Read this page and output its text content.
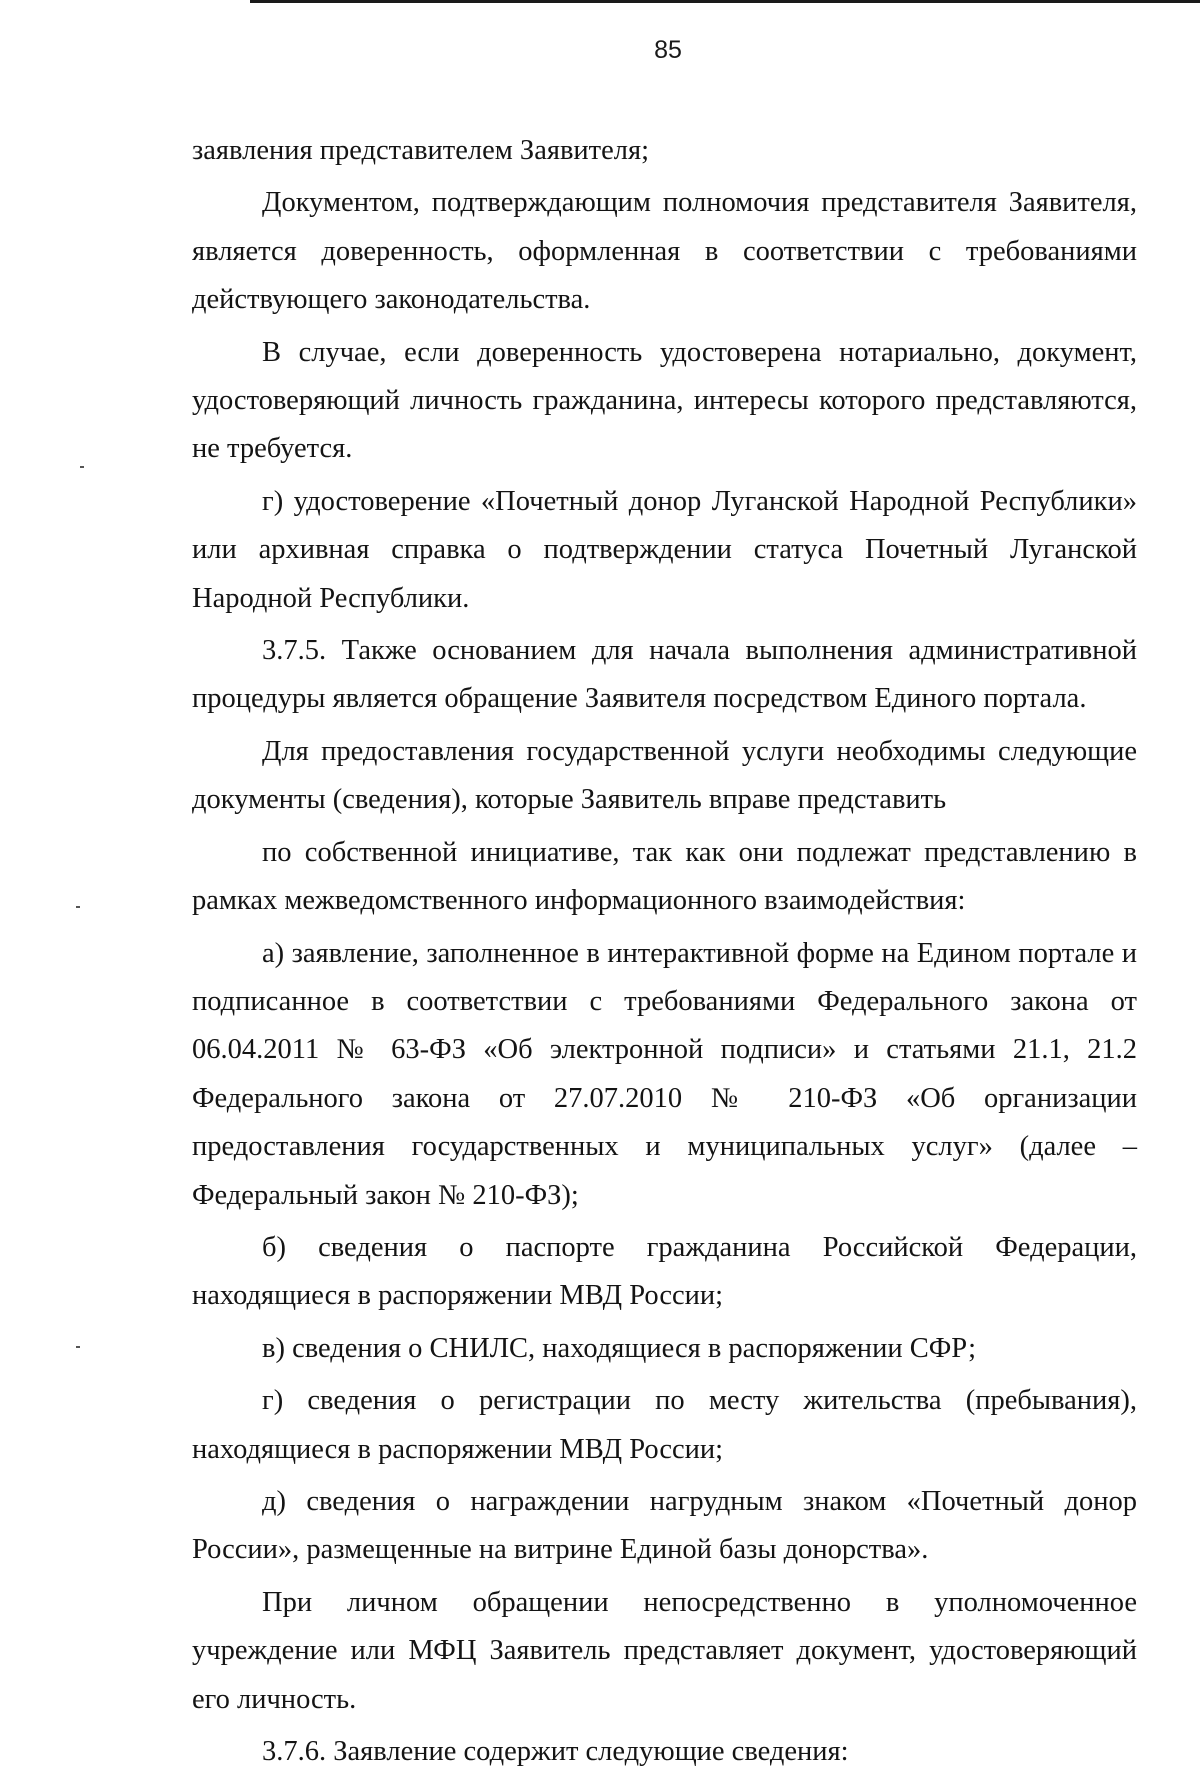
85

заявления представителем Заявителя;

Документом, подтверждающим полномочия представителя Заявителя, является доверенность, оформленная в соответствии с требованиями действующего законодательства.

В случае, если доверенность удостоверена нотариально, документ, удостоверяющий личность гражданина, интересы которого представляются, не требуется.

г) удостоверение «Почетный донор Луганской Народной Республики» или архивная справка о подтверждении статуса Почетный Луганской Народной Республики.

3.7.5. Также основанием для начала выполнения административной процедуры является обращение Заявителя посредством Единого портала.

Для предоставления государственной услуги необходимы следующие документы (сведения), которые Заявитель вправе представить

по собственной инициативе, так как они подлежат представлению в рамках межведомственного информационного взаимодействия:

а) заявление, заполненное в интерактивной форме на Едином портале и подписанное в соответствии с требованиями Федерального закона от 06.04.2011 № 63-ФЗ «Об электронной подписи» и статьями 21.1, 21.2 Федерального закона от 27.07.2010 № 210-ФЗ «Об организации предоставления государственных и муниципальных услуг» (далее – Федеральный закон № 210-ФЗ);

б) сведения о паспорте гражданина Российской Федерации, находящиеся в распоряжении МВД России;

в) сведения о СНИЛС, находящиеся в распоряжении СФР;

г) сведения о регистрации по месту жительства (пребывания), находящиеся в распоряжении МВД России;

д) сведения о награждении нагрудным знаком «Почетный донор России», размещенные на витрине Единой базы донорства».

При личном обращении непосредственно в уполномоченное учреждение или МФЦ Заявитель представляет документ, удостоверяющий его личность.

3.7.6. Заявление содержит следующие сведения:
